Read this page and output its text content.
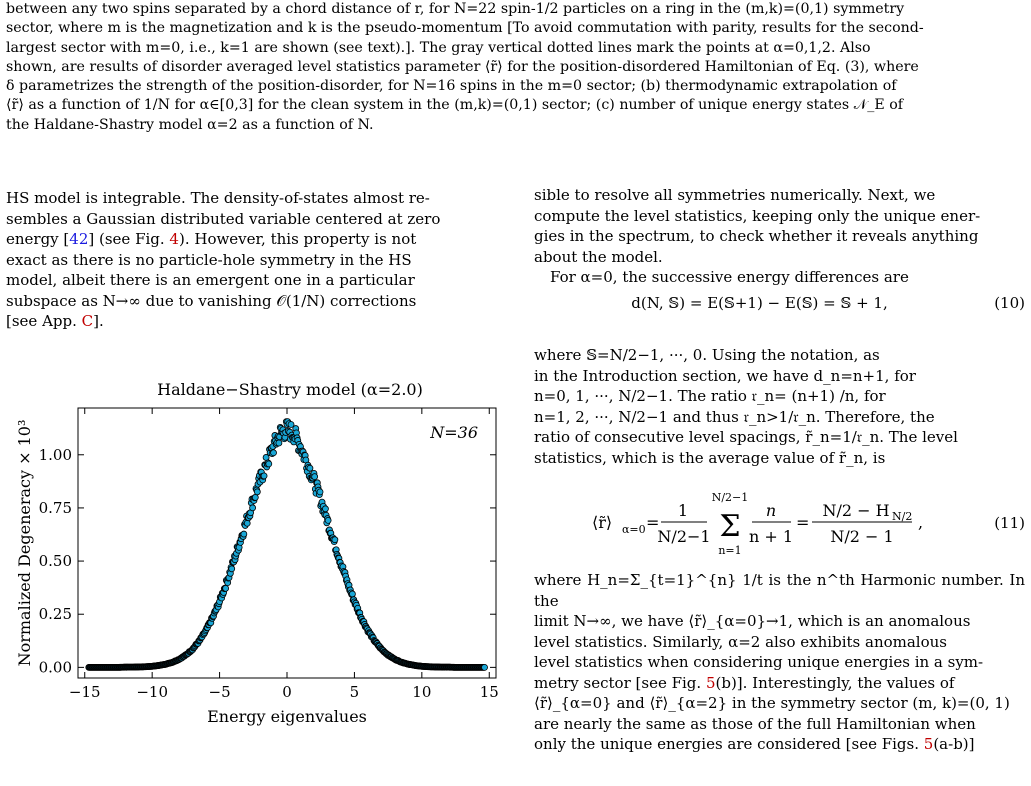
between any two spins separated by a chord distance of r, for N=22 spin-1/2 particles on a ring in the (m,k)=(0,1) symmetry
sector, where m is the magnetization and k is the pseudo-momentum [To avoid commutation with parity, results for the second-
largest sector with m=0, i.e., k=1 are shown (see text).]. The gray vertical dotted lines mark the points at α=0,1,2. Also
shown, are results of disorder averaged level statistics parameter ⟨r̃⟩ for the position-disordered Hamiltonian of Eq. (3), where
δ parametrizes the strength of the position-disorder, for N=16 spins in the m=0 sector; (b) thermodynamic extrapolation of
⟨r̃⟩ as a function of 1/N for α∈[0,3] for the clean system in the (m,k)=(0,1) sector; (c) number of unique energy states 𝒩_E of
the Haldane-Shastry model α=2 as a function of N.
HS model is integrable. The density-of-states almost re-
sembles a Gaussian distributed variable centered at zero
energy [42] (see Fig. 4). However, this property is not
exact as there is no particle-hole symmetry in the HS
model, albeit there is an emergent one in a particular
subspace as N→∞ due to vanishing 𝒪(1/N) corrections
[see App. C].
Haldane−Shastry model (α=2.0)
−15 −10	−5	0	5	10	15
0.00
0.25
0.50
0.75
1.00
N=36
Energy eigenvalues
Normalized Degeneracy × 10³
sible to resolve all symmetries numerically. Next, we
compute the level statistics, keeping only the unique ener-
gies in the spectrum, to check whether it reveals anything
about the model.
For α=0, the successive energy differences are
d(N, 𝕊) = E(𝕊+1) − E(𝕊) = 𝕊 + 1,	(10)
where 𝕊=N/2−1, ···, 0. Using the notation, as
in the Introduction section, we have d_n=n+1, for
n=0, 1, ···, N/2−1. The ratio 𝔯_n= (n+1) /n, for
n=1, 2, ···, N/2−1 and thus 𝔯_n>1/𝔯_n. Therefore, the
ratio of consecutive level spacings, r̃_n=1/𝔯_n. The level
statistics, which is the average value of r̃_n, is
⟨r̃⟩ α=0 =
1
N/2−1
N/2−1
Σ
n=1
n
n + 1
=
N/2 − H N/2
N/2 − 1
,	(11)
where H_n=Σ_{t=1}^{n} 1/t is the n^th Harmonic number. In the
limit N→∞, we have ⟨r̃⟩_{α=0}→1, which is an anomalous
level statistics. Similarly, α=2 also exhibits anomalous
level statistics when considering unique energies in a sym-
metry sector [see Fig. 5(b)]. Interestingly, the values of
⟨r̃⟩_{α=0} and ⟨r̃⟩_{α=2} in the symmetry sector (m, k)=(0, 1)
are nearly the same as those of the full Hamiltonian when
only the unique energies are considered [see Figs. 5(a-b)]
